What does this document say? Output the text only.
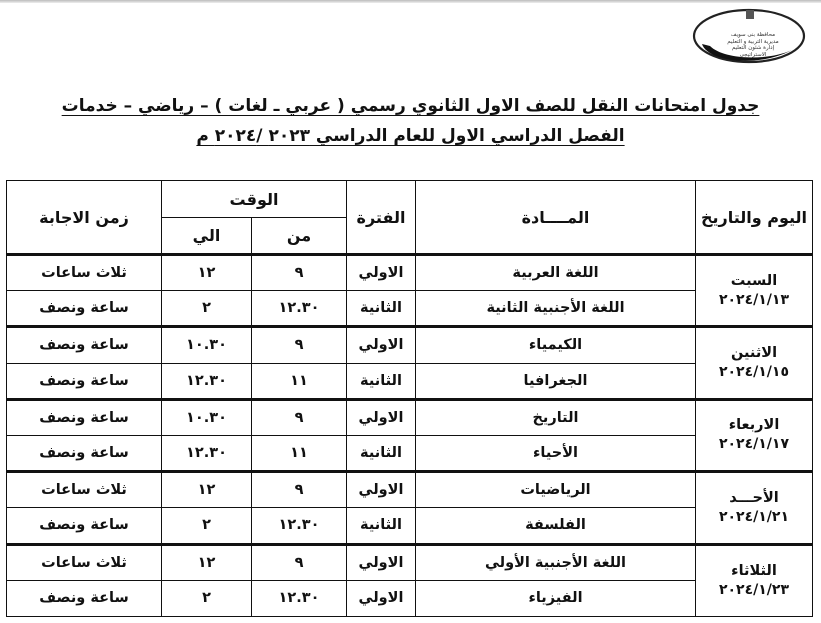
محافظة بنى سويف
مديرية التربية و التعليم
إدارة شئون التعليم الاستراتيجي
جدول امتحانات النقل للصف الاول الثانوي رسمي ( عربي ـ لغات ) – رياضي – خدمات
الفصل الدراسي الاول للعام الدراسي ٢٠٢٣ /٢٠٢٤ م
اليوم والتاريخ	المــــادة	الفترة	الوقت		زمن الاجابة
			من	الي	

السبت
٢٠٢٤/١/١٣	اللغة العربية	الاولي	٩	١٢	ثلاث ساعات
	اللغة الأجنبية الثانية	الثانية	١٢.٣٠	٢	ساعة ونصف

الاثنين
٢٠٢٤/١/١٥	الكيمياء	الاولي	٩	١٠.٣٠	ساعة ونصف
	الجغرافيا	الثانية	١١	١٢.٣٠	ساعة ونصف

الاربعاء
٢٠٢٤/١/١٧	التاريخ	الاولي	٩	١٠.٣٠	ساعة ونصف
	الأحياء	الثانية	١١	١٢.٣٠	ساعة ونصف

الأحـــد
٢٠٢٤/١/٢١	الرياضيات	الاولي	٩	١٢	ثلاث ساعات
	الفلسفة	الثانية	١٢.٣٠	٢	ساعة ونصف

الثلاثاء
٢٠٢٤/١/٢٣	اللغة الأجنبية الأولي	الاولي	٩	١٢	ثلاث ساعات
	الفيزياء	الاولي	١٢.٣٠	٢	ساعة ونصف
